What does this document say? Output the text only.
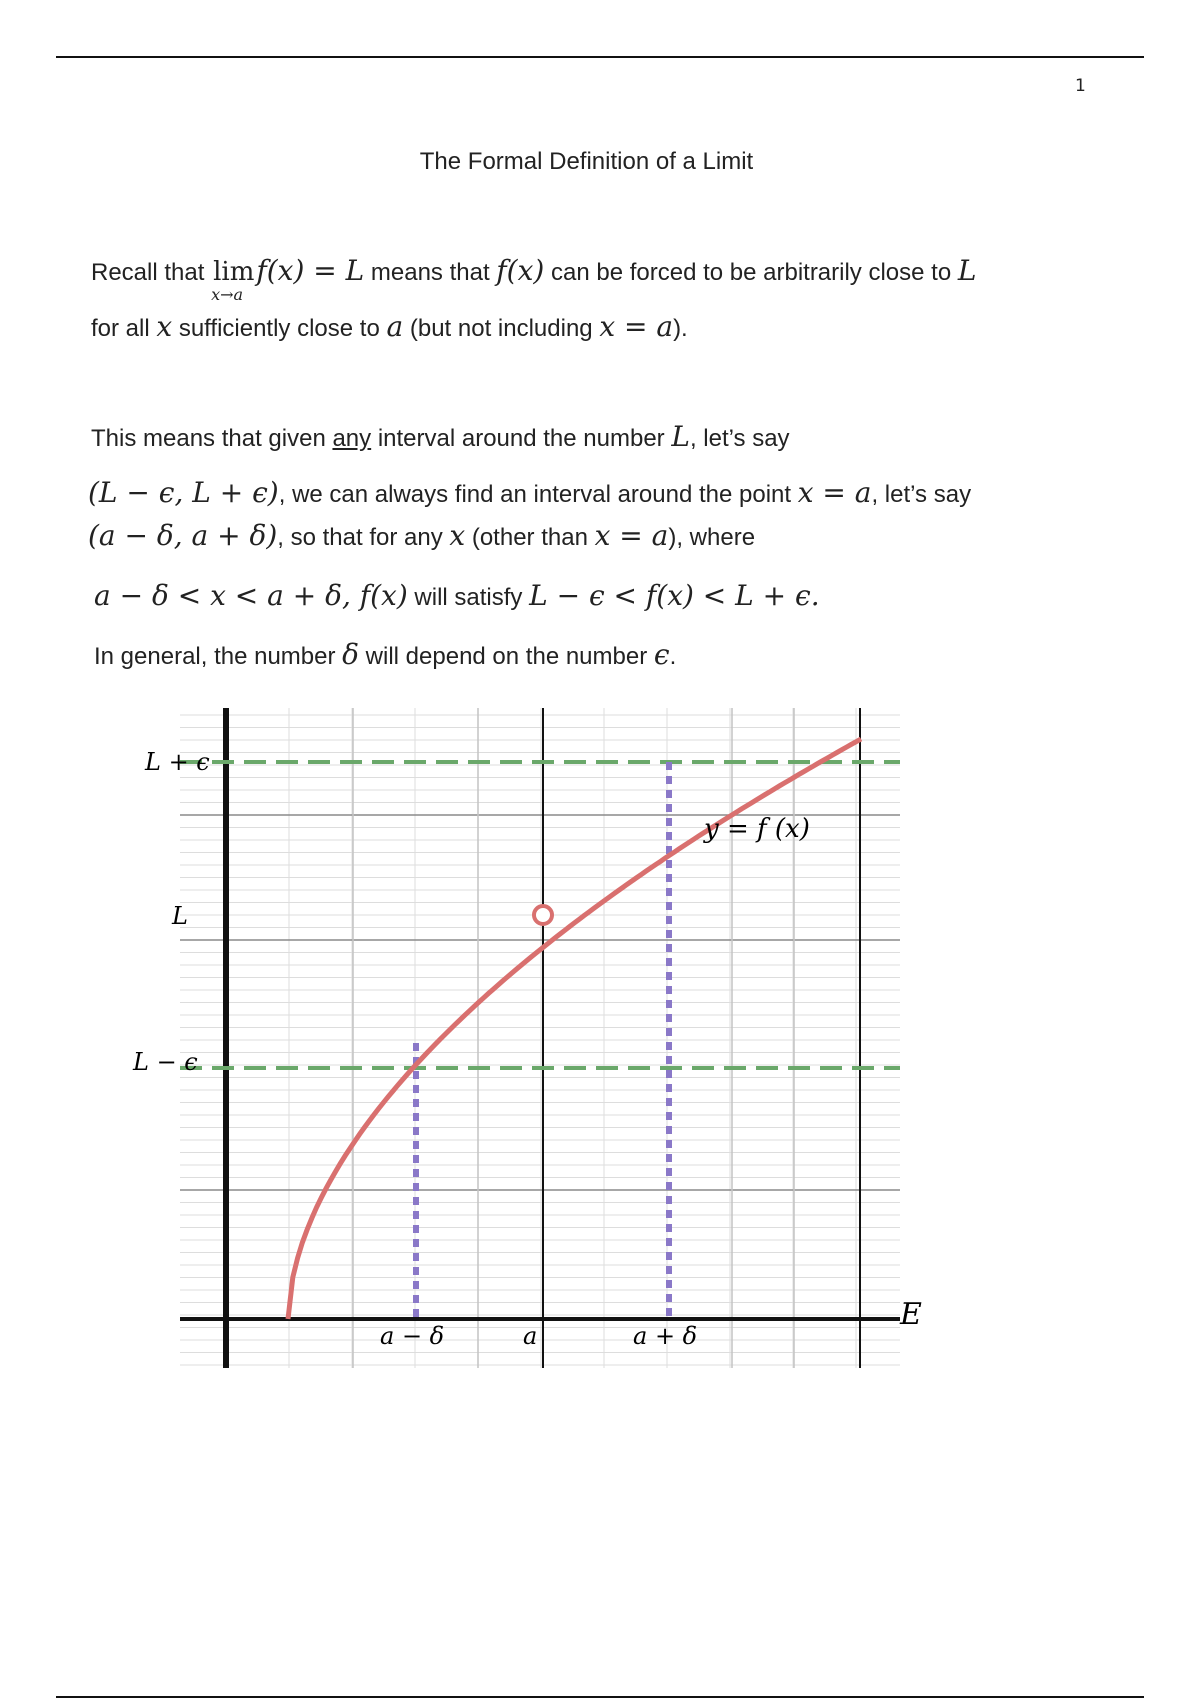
1
The Formal Definition of a Limit
Recall that lim
x→a
f(x) = L means that f(x) can be forced to be arbitrarily close to L
for all x sufficiently close to a (but not including x = a).
This means that given any interval around the number L, let’s say
(L − ϵ, L + ϵ), we can always find an interval around the point x = a, let’s say
(a − δ, a + δ), so that for any x (other than x = a), where
a − δ < x < a + δ, f(x) will satisfy L − ϵ < f(x) < L + ϵ.
In general, the number δ will depend on the number ϵ.
L + ϵ
L
L − ϵ
a − δ	a	a + δ
y = f (x)
E
